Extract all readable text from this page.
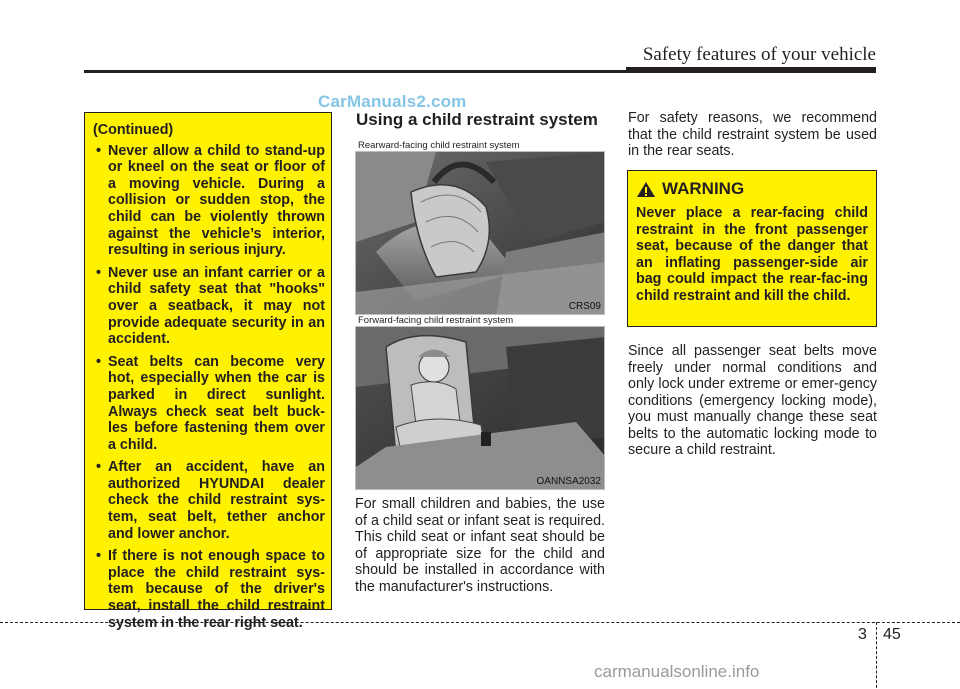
Safety features of your vehicle
CarManuals2.com
(Continued)
• Never allow a child to stand-up or kneel on the seat or floor of a moving vehicle. During a collision or sudden stop, the child can be violently thrown against the vehicle’s interior, resulting in serious injury.
• Never use an infant carrier or a child safety seat that "hooks" over a seatback, it may not provide adequate security in an accident.
• Seat belts can become very hot, especially when the car is parked in direct sunlight. Always check seat belt buck-les before fastening them over a child.
• After an accident, have an authorized HYUNDAI dealer check the child restraint sys-tem, seat belt, tether anchor and lower anchor.
• If there is not enough space to place the child restraint sys-tem because of the driver's seat, install the child restraint system in the rear right seat.
Using a child restraint system
Rearward-facing child restraint system
CRS09
Forward-facing child restraint system
OANNSA2032
For small children and babies, the use of a child seat or infant seat is required. This child seat or infant seat should be of appropriate size for the child and should be installed in accordance with the manufacturer's instructions.
For safety reasons, we recommend that the child restraint system be used in the rear seats.
WARNING
Never place a rear-facing child restraint in the front passenger seat, because of the danger that an inflating passenger-side air bag could impact the rear-fac-ing child restraint and kill the child.
Since all passenger seat belts move freely under normal conditions and only lock under extreme or emer-gency conditions (emergency locking mode), you must manually change these seat belts to the automatic locking mode to secure a child restraint.
3 45
carmanualsonline.info
